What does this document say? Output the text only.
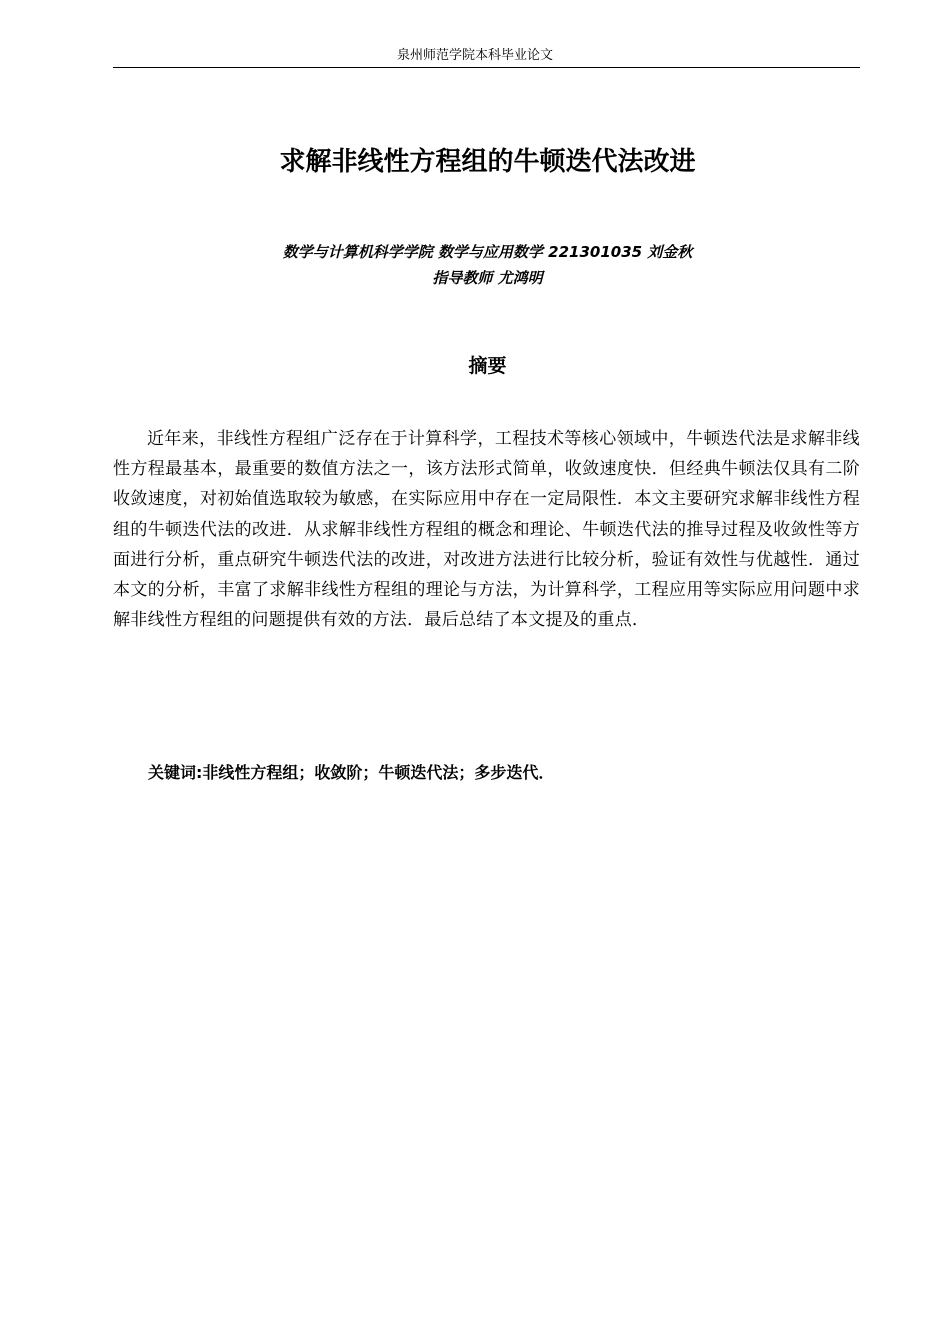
泉州师范学院本科毕业论文
求解非线性方程组的牛顿迭代法改进
数学与计算机科学学院 数学与应用数学 221301035 刘金秋
指导教师 尤鸿明
摘要
近年来，非线性方程组广泛存在于计算科学，工程技术等核心领域中，牛顿迭代法是求解非线性方程最基本，最重要的数值方法之一，该方法形式简单，收敛速度快．但经典牛顿法仅具有二阶收敛速度，对初始值选取较为敏感，在实际应用中存在一定局限性．本文主要研究求解非线性方程组的牛顿迭代法的改进．从求解非线性方程组的概念和理论、牛顿迭代法的推导过程及收敛性等方面进行分析，重点研究牛顿迭代法的改进，对改进方法进行比较分析，验证有效性与优越性．通过本文的分析，丰富了求解非线性方程组的理论与方法，为计算科学，工程应用等实际应用问题中求解非线性方程组的问题提供有效的方法．最后总结了本文提及的重点．
关键词:非线性方程组；收敛阶；牛顿迭代法；多步迭代．
